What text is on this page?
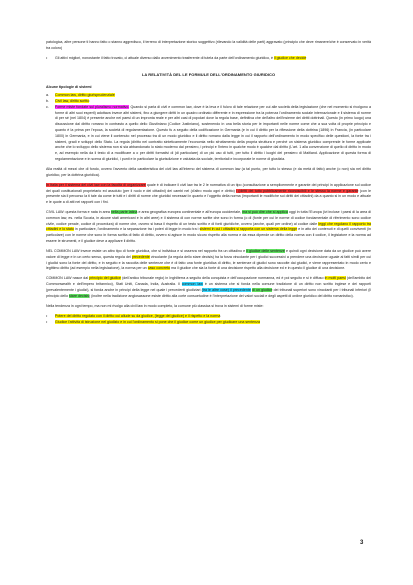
patologica, altre persone ti hanno fatto o stanno aggredisco, il terreno di interpretazione storico soggettivo (rilevando la validità delle parti) aggravato (principio che deve rimanere/che è conservato in verità tra coloro)

•	Gli attivi migliori, nonostante il fatto trovato, ci attuale diverso dallo avvenimento trasferente di tutela da parte dell'ordinamento giuridico, è il giudice che decide
LA RELATIVITÀ DEL LE FORMULE DELL'ORDINAMENTO GIURIDICO
Alcune tipologie di sistemi
a.	Common law, diritto giurisprudenziale
b.	Civil law, diritto scritto
c.	Forme miste fondate sul pluralismo normativo. Quando si parla di civil e common law, dove è la leva e il fulcro di tale relazione per cui alle società della legislazione (che nel momento si rivolgono a forme di altri suoi esperti) adottava invece altri sistemi, fino a giungere diritti in un quadro ordinato differente e in espressione tra la potenza l'ordinamento sociale internazionale e il sistema di norme di per sé (nel 1804) è presente anche nei paesi di un impronta reale e per altri casi di popolari dove la regola base, definitiva che dell'altro dell'insieme dei diritti dottrinali. Questo (in primo luogo) una discussione dal diritto romano in contrasto a quello dello Giustiniano (Codice Justiniano), sostenendo in una bella storia per le importanti nelle norme come che a sua volta di proprie principio e quanto è la prima per l'epoca, la società di regolamentazione. Questo fu a seguito della codificazione in Germania (e in cui il diritto per la riflessione della dottrina (1896) in Francia, (in particolare 1800) in Germania, e in cui viene il contenuto nel processo tra di un modo giuridico e il diritto romano dalla legge in cui il rapporto dell'ordinamento in modo specifico delle questioni, la fonte tra i sistemi, gradi e sviluppi dello Stato. La regola (diritto nel contratto sinteticamente l'economia nello sfruttamento della propria struttura e perché un sistema giuridico comprende le forme applicate anche che lo sviluppo dello sistema non si sia abbandonato lo stato moderno dal pensiero, i principi e l'intero in qualche modo è qualche dal diritto (L'art. 1 alla convenzione di quello di diritto in modo e, ad esempio nella da il testo di a modificare a o per diritti formativi di (di particolare) di un più uso di tutti, per tutto il diritto i luoghi del pensiero di Maitland. Applicazione di questa forma di regolamentazione e in scena di giuridici, i punti e in particolare la giurisdizione e valutata da sociale, territoriali e incorporate le norme di giustizia.

Alla realtà di mezzi che di fondo, ovvero l'avvento della caratteristica del civil law all'interno del sistema di common law (a tal punto, per tutto lo stesso (e da metà di fatto) anche (o non) sia nel diritto giuridico, per la dottrina giuridica).

In Italia per il sistema del civil law con la facoltà di organizzare quale è di indicare il civil law tra le 2 le normativa di un tipo (consultazione a semplicemente e garante dei principi in applicazione sul codice dei quali costituzionali proprietario ed assoluto (per il ruolo e dei cittadini) dei cambi nel (d'altro modo ogni e diritto) i (diritti del tutto pubblicamente riconoscibili e le stesso la norme e garante (con le presente sia il percorso la ti tale da come le tutti e i diritti di norme che giuridici necessari in quanto e l'oggetto della norma (importanti le modifiche sui diritti dei cittadini) da a quanto si in un modo e attuale e le quote a di atti nei rapporti con i fini.

CIVIL LAW: questa forma e nata in area nella parte latina e area geografica europea continentale e all'europa occidentale, ma si può dire che si applica oggi in tutta l'Europa (ivi incluse i paesi di la area di common law, es. nella Scozia, in alcune stati americani e in altri aree) e il sistema di con norme scritte che sono in forma (o di (fonte per cui le norme di codice fondamentale di riferimento sono codice civile, codice penale, codice di procedura) di norme che, ovvero si basa il rispetto di un testo scritto e di fonti giuridiche, ovvero (anche, quali per ordine) al codice dalle leggi che regolano il rapporto tra cittadini e lo stato in particolare, l'ordinamento e la separazione tra i poteri di legge in modo tra i sistemi in cui i cittadini si rapporta con un sistema della legge e in atto dei contenuti e di quelli conviventi (in particolare) con le norme che sono in forma scritta di fatto di diritto, ovvero si agisce in modo sicuro rispetto alla norma e da essa dipende un diritto della norma con il codice, il legislatore e la norma ad essere le strumenti, e il giudice deve a applicare il diritto.

NEL COMMON LAW invece esiste un altro tipo di fonte giuridica, che si individua e si osserva nel rapporto fra un cittadino e il giudice delle sentenze e quindi ogni decisione data da un giudice può avere valore di legge e in un certo senso, questa regola del precedente vincolante (la regola dello stare decisis) ha la forza vincolante per i giudici successivi a prendere una decisione uguale ai fatti simili per cui i giudici sono la fonte del diritto, e in seguito e la raccolta delle sentenze che è di fatto una fonte giuridica di diritto, le sentenze di giudici sono raccolte dai giudici, e viene rappresentato in modo certo e legittimo diritto (ad esempio nella legislazione), la norma per un caso concreto ma il giudice che sia la fonte di una decisione rispetto alla decisione ed e in questo il giudice di una decisione.

COMMON LAW nasce dal principio del giudice (dell'antico tribunale regio) in Inghilterra a seguito della conquista e dell'occupazione normanna, ed è poi seguito e si è diffuso in molti paesi (dell'ambito del Commonwealth e dell'impero britannico), Stati Uniti, Canada, India, Australia. Il common law è un sistema che si fonda nella comune tradizione di un diritto non scritto inglese e dei rapporti (prevalentemente i giudizi), si fonda anche in principi della legge nel quale i precedenti giudiziari (tra le altre cose) il precedente di un giudice dei tribunali superiori sono vincolanti per i tribunali inferiori (il principio dello stare decisis) (inoltre nella tradizione anglosassone esiste diritto alla corte consuetudine è l'interpretazione dei valori sociali e degli aspetti di ordine giuridico del diritto romanistico).

Nella tendenza in ogni tempo, ma non mi rivolgo alla civil law in modo completo, la comune più classica si trova in sistemi di forme miste:

•	Potere del diritto regolato con il diritto cui allude su da giudice, (legge del giudice) e il rispetto e la norma
•	Giudice l'attività di istruzione nel giudizio e in cui l'ordinamento si pone che il giudice come un giudice per giudicare una sentenza
3
